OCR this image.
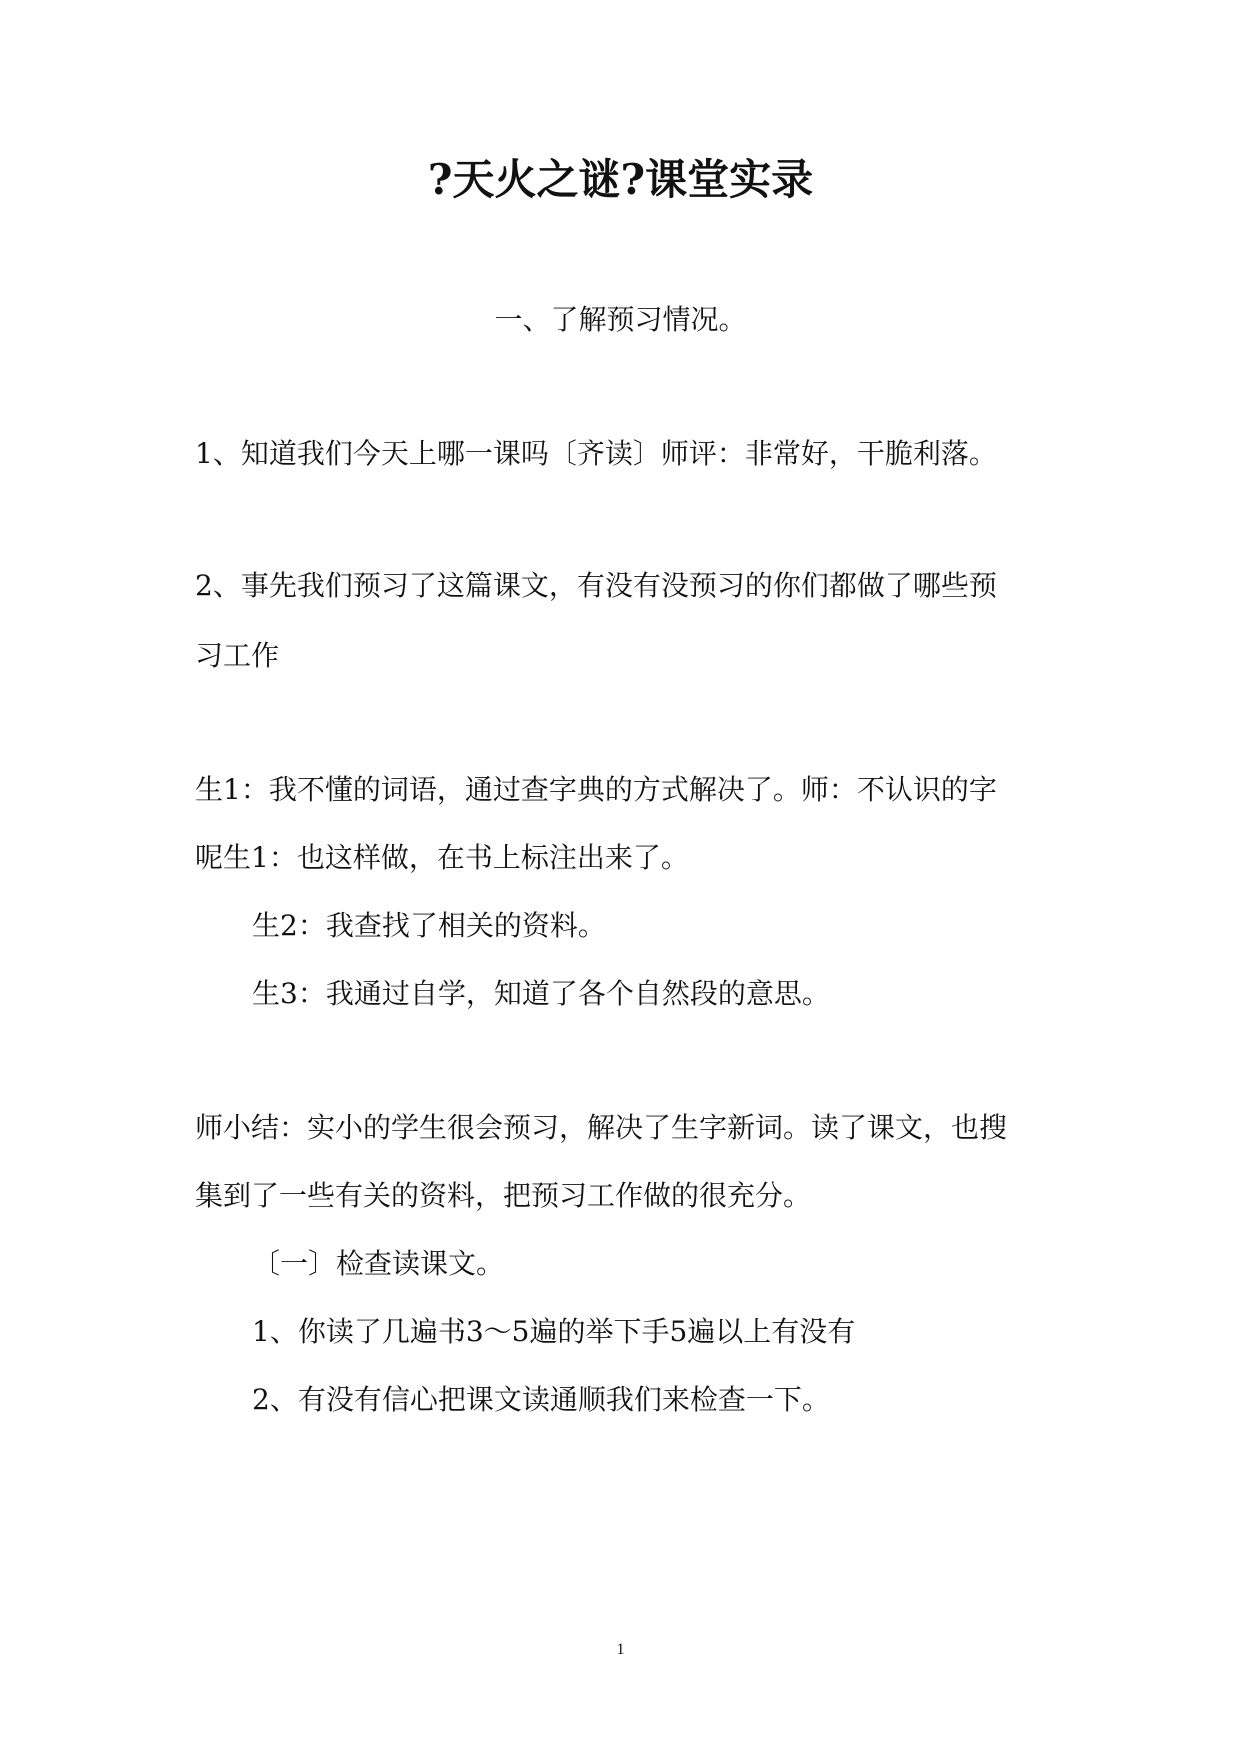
?天火之谜?课堂实录

一、了解预习情况。

1、知道我们今天上哪一课吗〔齐读〕师评：非常好，干脆利落。

2、事先我们预习了这篇课文，有没有没预习的你们都做了哪些预

习工作

生1：我不懂的词语，通过查字典的方式解决了。师：不认识的字

呢生1：也这样做，在书上标注出来了。

生2：我查找了相关的资料。

生3：我通过自学，知道了各个自然段的意思。

师小结：实小的学生很会预习，解决了生字新词。读了课文，也搜

集到了一些有关的资料，把预习工作做的很充分。

〔一〕检查读课文。

1、你读了几遍书3～5遍的举下手5遍以上有没有

2、有没有信心把课文读通顺我们来检查一下。

1
